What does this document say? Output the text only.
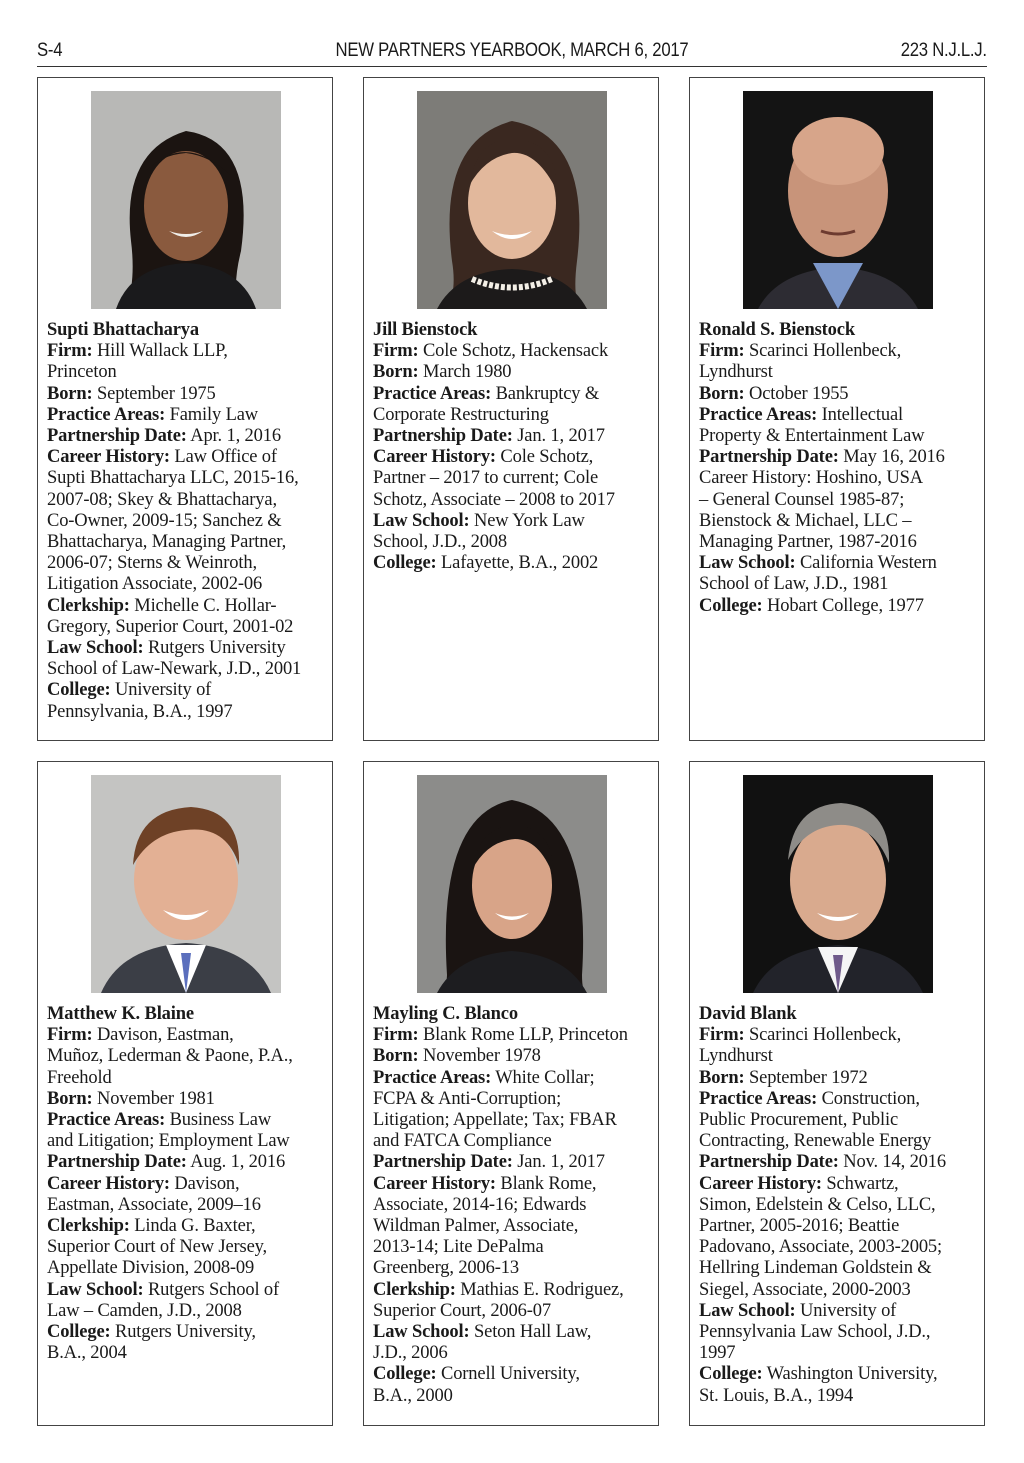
S-4	NEW PARTNERS YEARBOOK, MARCH 6, 2017	223 N.J.L.J.
Supti Bhattacharya
Firm: Hill Wallack LLP,
Princeton
Born: September 1975
Practice Areas: Family Law
Partnership Date: Apr. 1, 2016
Career History: Law Office of
Supti Bhattacharya LLC, 2015-16,
2007-08; Skey & Bhattacharya,
Co-Owner, 2009-15; Sanchez &
Bhattacharya, Managing Partner,
2006-07; Sterns & Weinroth,
Litigation Associate, 2002-06
Clerkship: Michelle C. Hollar-
Gregory, Superior Court, 2001-02
Law School: Rutgers University
School of Law-Newark, J.D., 2001
College: University of
Pennsylvania, B.A., 1997
Jill Bienstock
Firm: Cole Schotz, Hackensack
Born: March 1980
Practice Areas: Bankruptcy &
Corporate Restructuring
Partnership Date: Jan. 1, 2017
Career History: Cole Schotz,
Partner – 2017 to current; Cole
Schotz, Associate – 2008 to 2017
Law School: New York Law
School, J.D., 2008
College: Lafayette, B.A., 2002
Ronald S. Bienstock
Firm: Scarinci Hollenbeck,
Lyndhurst
Born: October 1955
Practice Areas: Intellectual
Property & Entertainment Law
Partnership Date: May 16, 2016
Career History: Hoshino, USA
– General Counsel 1985-87;
Bienstock & Michael, LLC –
Managing Partner, 1987-2016
Law School: California Western
School of Law, J.D., 1981
College: Hobart College, 1977
Matthew K. Blaine
Firm: Davison, Eastman,
Muñoz, Lederman & Paone, P.A.,
Freehold
Born: November 1981
Practice Areas: Business Law
and Litigation; Employment Law
Partnership Date: Aug. 1, 2016
Career History: Davison,
Eastman, Associate, 2009–16
Clerkship: Linda G. Baxter,
Superior Court of New Jersey,
Appellate Division, 2008-09
Law School: Rutgers School of
Law – Camden, J.D., 2008
College: Rutgers University,
B.A., 2004
Mayling C. Blanco
Firm: Blank Rome LLP, Princeton
Born: November 1978
Practice Areas: White Collar;
FCPA & Anti-Corruption;
Litigation; Appellate; Tax; FBAR
and FATCA Compliance
Partnership Date: Jan. 1, 2017
Career History: Blank Rome,
Associate, 2014-16; Edwards
Wildman Palmer, Associate,
2013-14; Lite DePalma
Greenberg, 2006-13
Clerkship: Mathias E. Rodriguez,
Superior Court, 2006-07
Law School: Seton Hall Law,
J.D., 2006
College: Cornell University,
B.A., 2000
David Blank
Firm: Scarinci Hollenbeck,
Lyndhurst
Born: September 1972
Practice Areas: Construction,
Public Procurement, Public
Contracting, Renewable Energy
Partnership Date: Nov. 14, 2016
Career History: Schwartz,
Simon, Edelstein & Celso, LLC,
Partner, 2005-2016; Beattie
Padovano, Associate, 2003-2005;
Hellring Lindeman Goldstein &
Siegel, Associate, 2000-2003
Law School: University of
Pennsylvania Law School, J.D.,
1997
College: Washington University,
St. Louis, B.A., 1994
